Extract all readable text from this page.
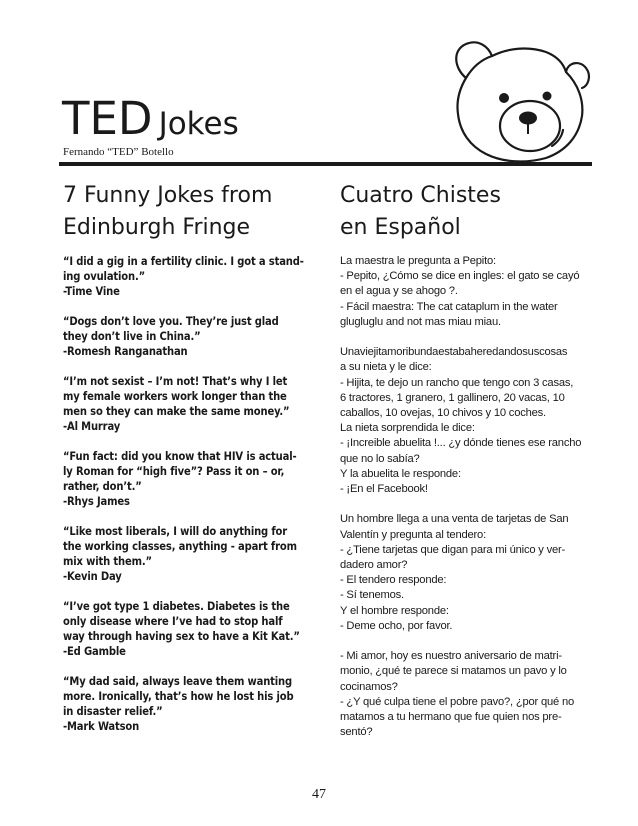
TED Jokes
Fernando “TED” Botello
7 Funny Jokes from
Edinburgh Fringe

“I did a gig in a fertility clinic. I got a stand-
ing ovulation.”

-Time Vine

“Dogs don’t love you. They’re just glad
they don’t live in China.”

-Romesh Ranganathan

“I’m not sexist – I’m not! That’s why I let
my female workers work longer than the
men so they can make the same money.”

-Al Murray

“Fun fact: did you know that HIV is actual-
ly Roman for “high five”? Pass it on – or,
rather, don’t.”

-Rhys James

“Like most liberals, I will do anything for
the working classes, anything - apart from
mix with them.”

-Kevin Day

“I’ve got type 1 diabetes. Diabetes is the
only disease where I’ve had to stop half
way through having sex to have a Kit Kat.”

-Ed Gamble

“My dad said, always leave them wanting
more. Ironically, that’s how he lost his job
in disaster relief.”

-Mark Watson

Cuatro Chistes
en Español

La maestra le pregunta a Pepito:

- Pepito, ¿Cómo se dice en ingles: el gato se cayó

en el agua y se ahogo ?.

- Fácil maestra: The cat cataplum in the water

glugluglu and not mas miau miau.

Unaviejitamoribundaestabaheredandosuscosas

a su nieta y le dice:

- Hijita, te dejo un rancho que tengo con 3 casas,

6 tractores, 1 granero, 1 gallinero, 20 vacas, 10

caballos, 10 ovejas, 10 chivos y 10 coches.

La nieta sorprendida le dice:

- ¡Increible abuelita !... ¿y dónde tienes ese rancho

que no lo sabía?

Y la abuelita le responde:

- ¡En el Facebook!

Un hombre llega a una venta de tarjetas de San

Valentín y pregunta al tendero:

- ¿Tiene tarjetas que digan para mi único y ver-

dadero amor?

- El tendero responde:

- Sí tenemos.

Y el hombre responde:

- Deme ocho, por favor.

- Mi amor, hoy es nuestro aniversario de matri-

monio, ¿qué te parece si matamos un pavo y lo

cocinamos?

- ¿Y qué culpa tiene el pobre pavo?, ¿por qué no

matamos a tu hermano que fue quien nos pre-

sentó?

47
